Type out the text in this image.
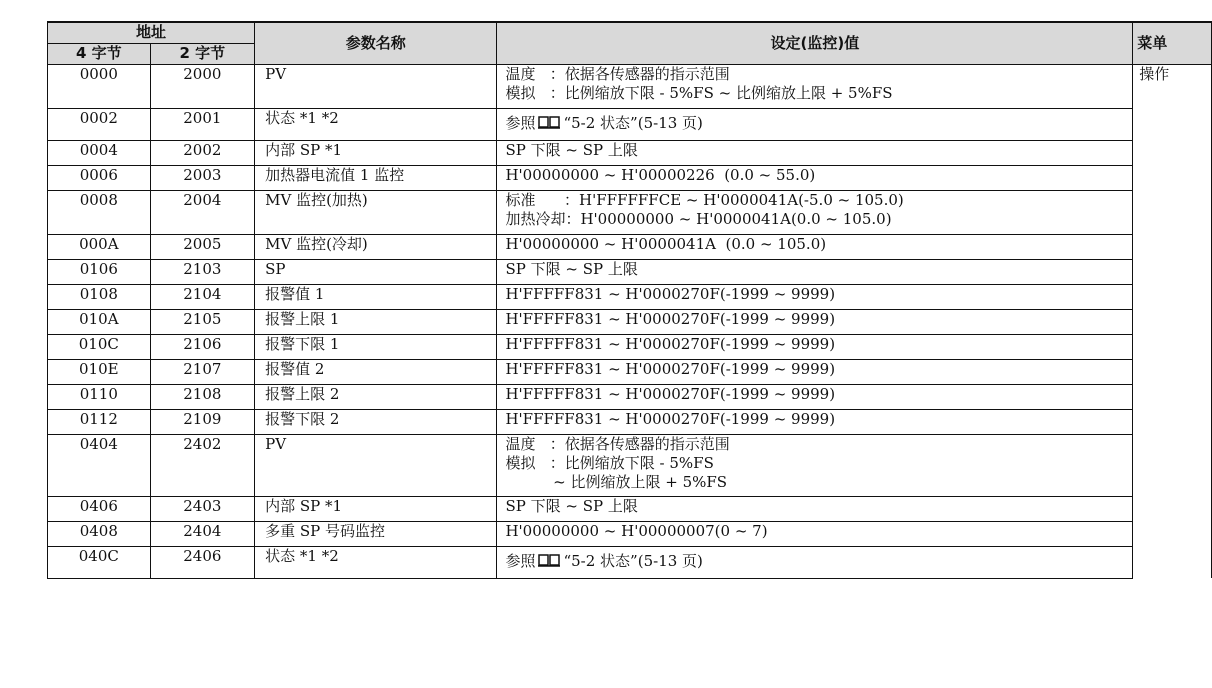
地址		参数名称	设定(监控)值	菜单
4 字节	2 字节			
0000	2000	PV	温度   ：依据各传感器的指示范围
模拟   ：比例缩放下限 - 5%FS ~ 比例缩放上限 + 5%FS	操作
0002	2001	状态 *1 *2	参照 “5-2 状态”(5-13 页)	

0004	2002	内部 SP *1	SP 下限 ~ SP 上限	

0006	2003	加热器电流值 1 监控	H'00000000 ~ H'00000226  (0.0 ~ 55.0)	

0008	2004	MV 监控(加热)	标准      ：H'FFFFFFCE ~ H'0000041A(-5.0 ~ 105.0)
加热冷却：H'00000000 ~ H'0000041A(0.0 ~ 105.0)	

000A	2005	MV 监控(冷却)	H'00000000 ~ H'0000041A  (0.0 ~ 105.0)	

0106	2103	SP	SP 下限 ~ SP 上限	

0108	2104	报警值 1	H'FFFFF831 ~ H'0000270F(-1999 ~ 9999)	

010A	2105	报警上限 1	H'FFFFF831 ~ H'0000270F(-1999 ~ 9999)	

010C	2106	报警下限 1	H'FFFFF831 ~ H'0000270F(-1999 ~ 9999)	

010E	2107	报警值 2	H'FFFFF831 ~ H'0000270F(-1999 ~ 9999)	

0110	2108	报警上限 2	H'FFFFF831 ~ H'0000270F(-1999 ~ 9999)	

0112	2109	报警下限 2	H'FFFFF831 ~ H'0000270F(-1999 ~ 9999)	

0404	2402	PV	温度   ：依据各传感器的指示范围
模拟   ：比例缩放下限 - 5%FS
~ 比例缩放上限 + 5%FS	

0406	2403	内部 SP *1	SP 下限 ~ SP 上限	

0408	2404	多重 SP 号码监控	H'00000000 ~ H'00000007(0 ~ 7)	

040C	2406	状态 *1 *2	参照 “5-2 状态”(5-13 页)	
